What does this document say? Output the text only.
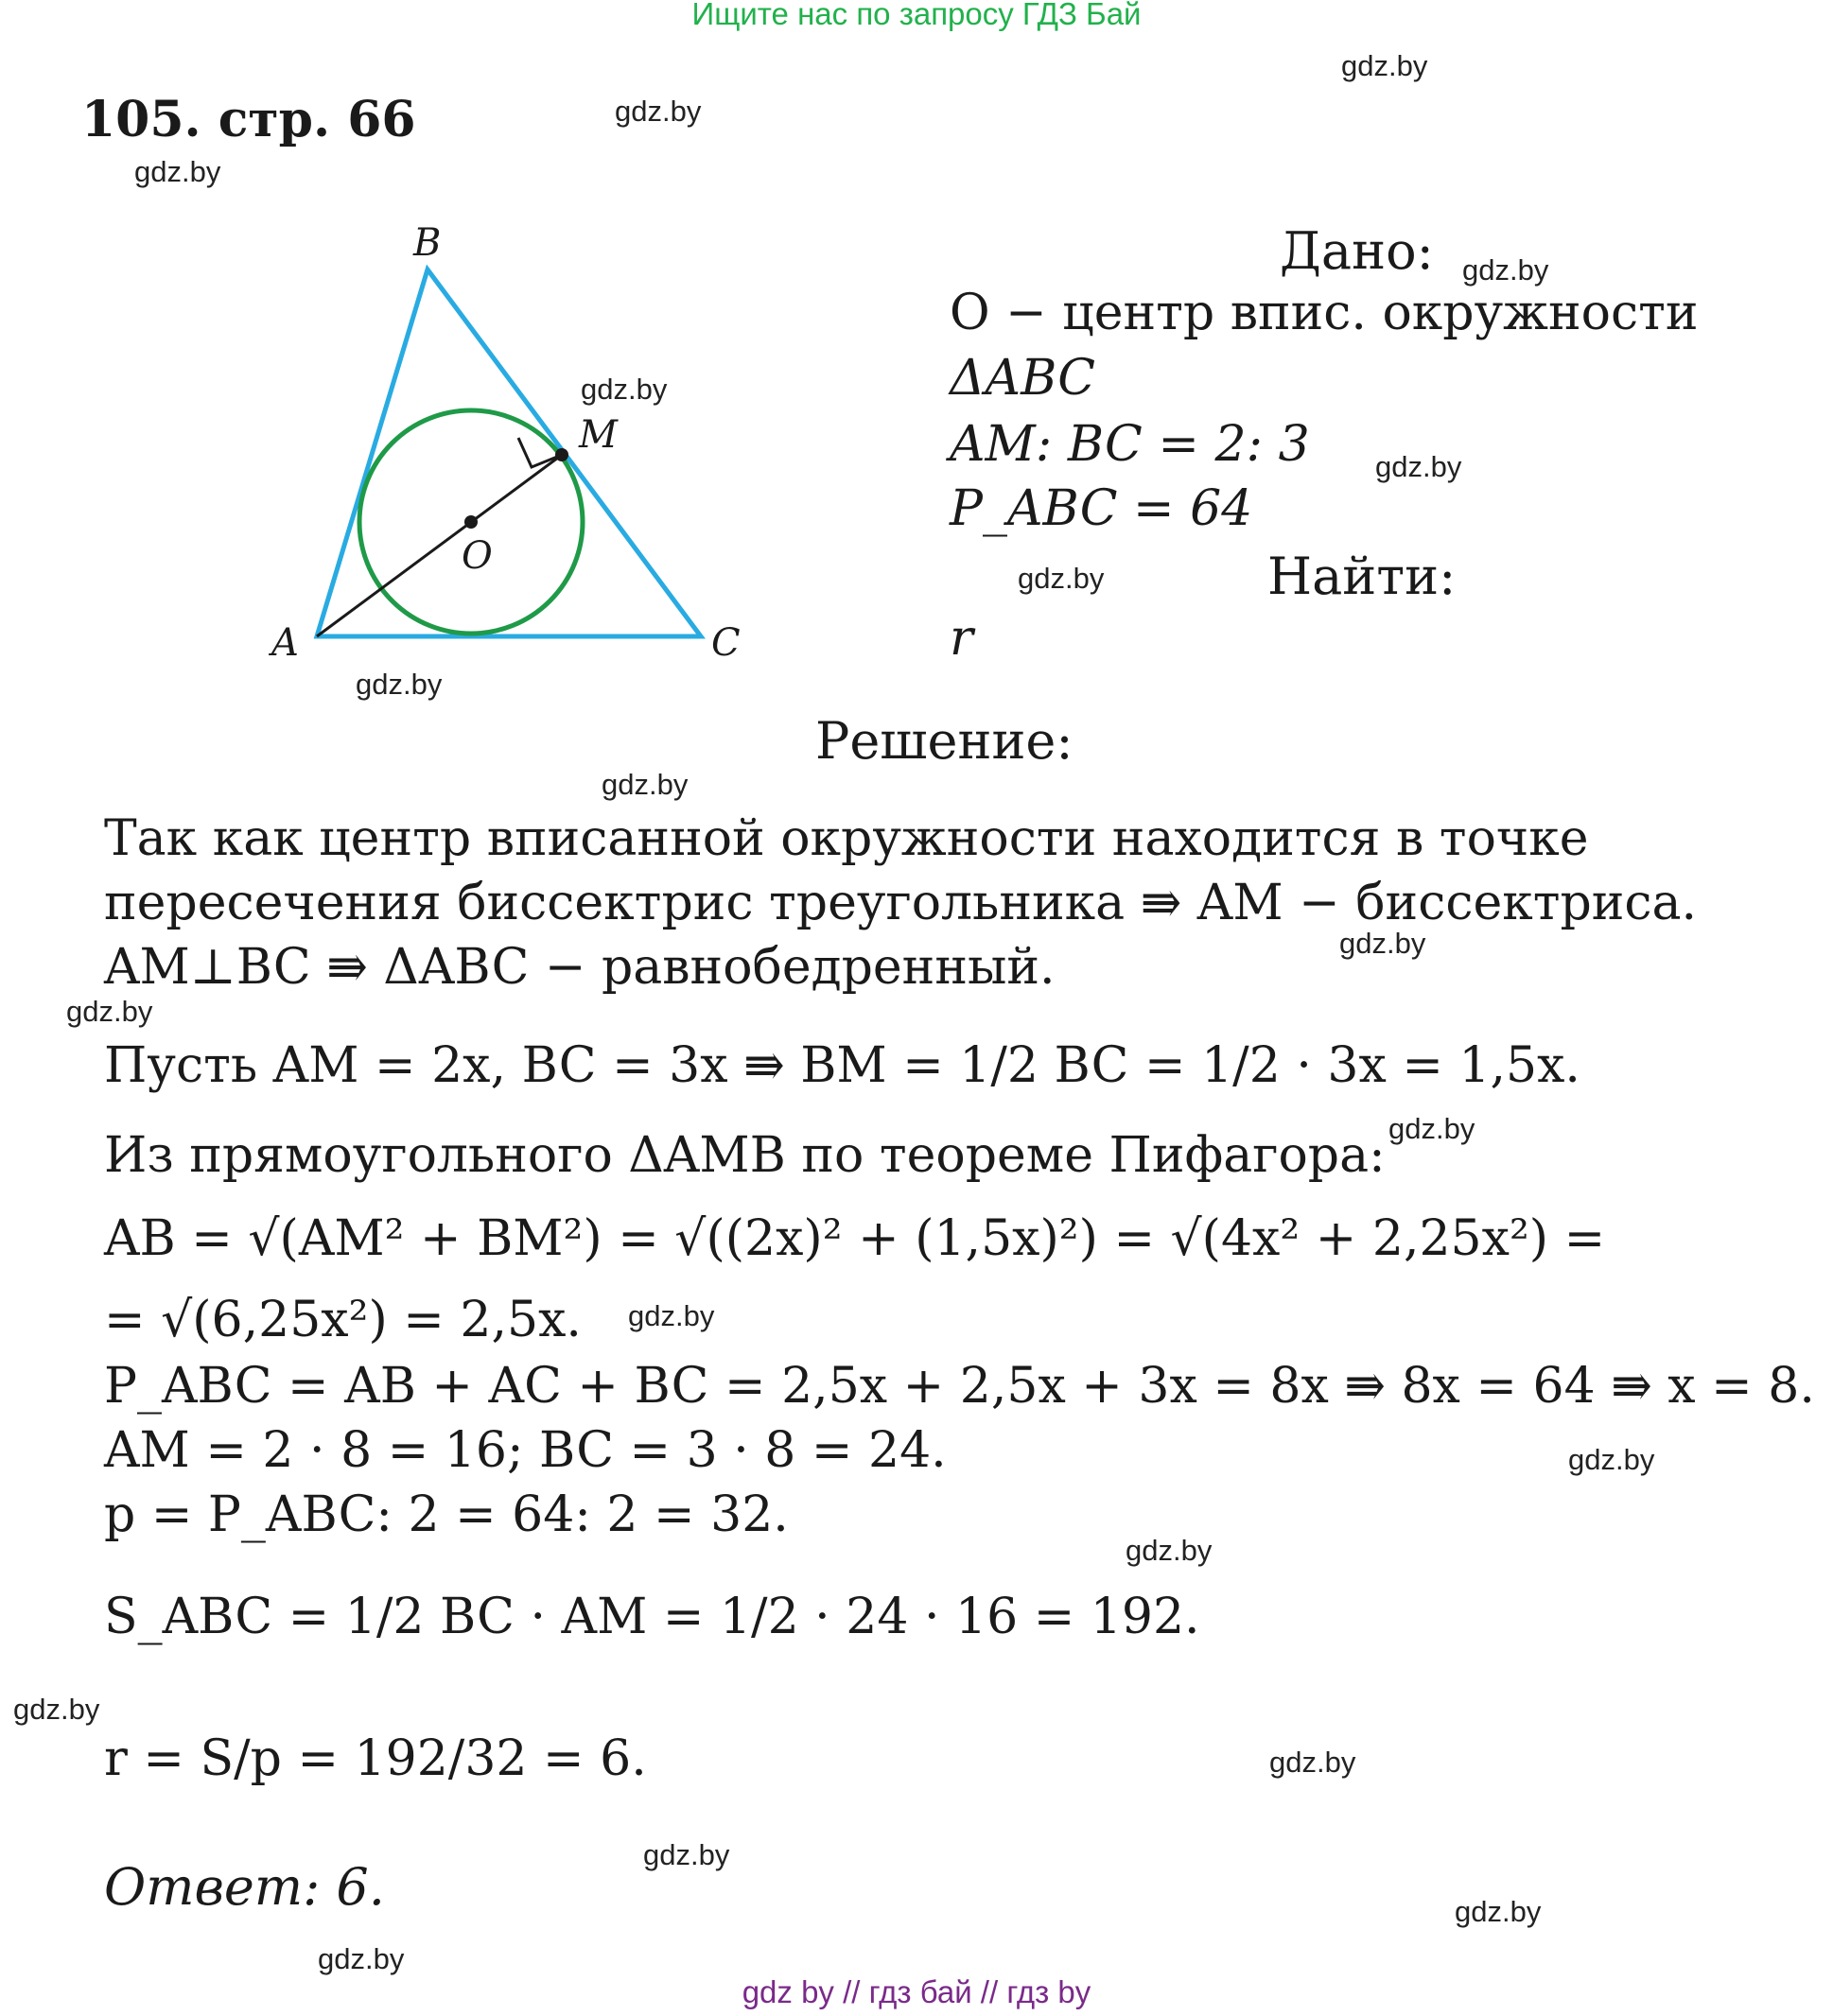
Ищите нас по запросу ГДЗ Бай
105. стр. 66
B
M
O
A	C
Дано:
O − центр впис. окружности
ΔABC
AM: BC = 2: 3
P_ABC = 64
Найти:
r
Решение:
Так как центр вписанной окружности находится в точке
пересечения биссектрис треугольника ⇛ AM − биссектриса.
AM⊥BC ⇛ ΔABC − равнобедренный.
Пусть AM = 2x, BC = 3x ⇛ BM = 1/2 BC = 1/2 · 3x = 1,5x.
Из прямоугольного ΔAMB по теореме Пифагора:
AB = √(AM² + BM²) = √((2x)² + (1,5x)²) = √(4x² + 2,25x²) =
= √(6,25x²) = 2,5x.
P_ABC = AB + AC + BC = 2,5x + 2,5x + 3x = 8x ⇛ 8x = 64 ⇛ x = 8.
AM = 2 · 8 = 16; BC = 3 · 8 = 24.
p = P_ABC: 2 = 64: 2 = 32.
S_ABC = 1/2 BC · AM = 1/2 · 24 · 16 = 192.
r = S/p = 192/32 = 6.
Ответ: 6.
gdz.by
gdz.by
gdz.by
gdz.by
gdz.by
gdz.by
gdz.by
gdz.by
gdz.by
gdz.by
gdz.by
gdz.by
gdz.by
gdz.by
gdz.by
gdz.by
gdz.by
gdz.by
gdz.by
gdz.by
gdz by // гдз бай // гдз by
